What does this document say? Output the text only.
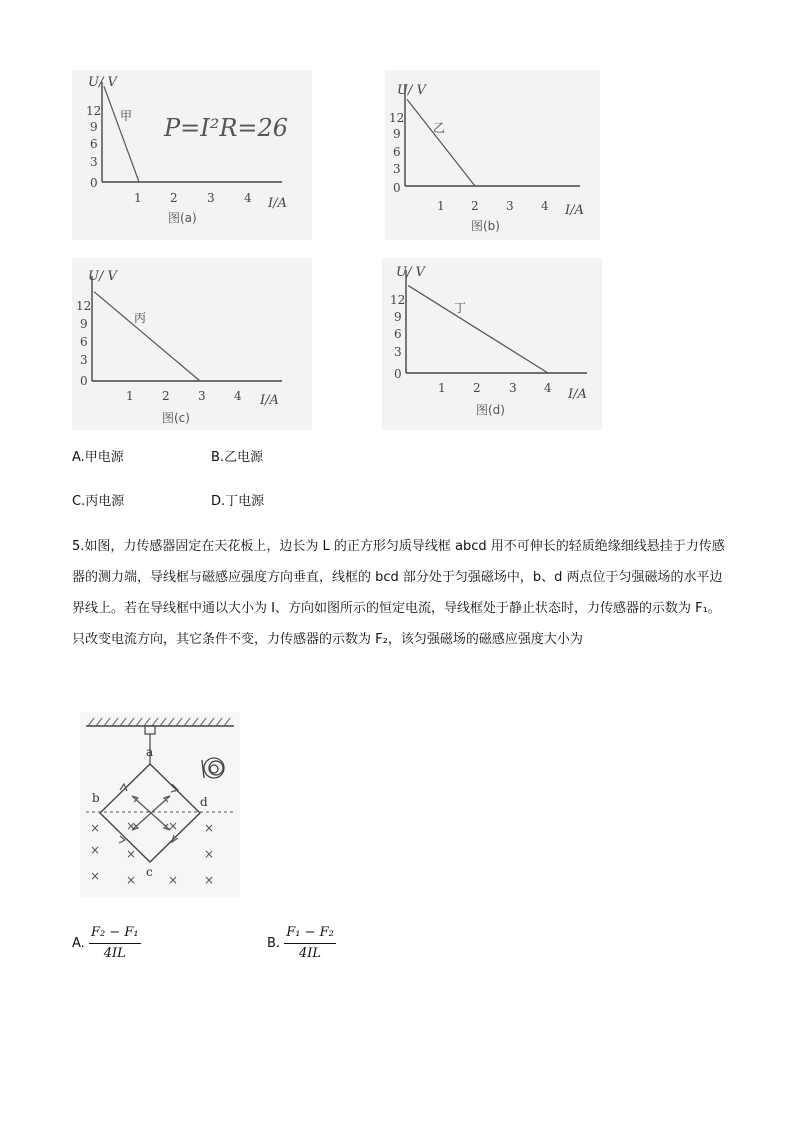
U/ V
I/A
12
9
6
3
0
1 2 3 4
甲
图(a)
P=I²R=26
U/ V
I/A
12
9
6
3
0
1 2 3 4
乙
图(b)
U/ V
I/A
12
9
6
3
0
1 2 3 4
丙
图(c)
U/ V
I/A
12
9
6
3
0
1 2 3 4
丁
图(d)
A.甲电源	B.乙电源
C.丙电源	D.丁电源
5.如图，力传感器固定在天花板上，边长为 L 的正方形匀质导线框 abcd 用不可伸长的轻质绝缘细线悬挂于力传感器的测力端，导线框与磁感应强度方向垂直，线框的 bcd 部分处于匀强磁场中，b、d 两点位于匀强磁场的水平边界线上。若在导线框中通以大小为 I、方向如图所示的恒定电流，导线框处于静止状态时，力传感器的示数为 F₁。只改变电流方向，其它条件不变，力传感器的示数为 F₂，该匀强磁场的磁感应强度大小为
a
b	d
c
× ×	× ×
× ×	×
× ×	× ×
A. $\frac{\text{F₂ − F₁}}{4IL}$	B. $\frac{\text{F₁ − F₂}}{4IL}$
